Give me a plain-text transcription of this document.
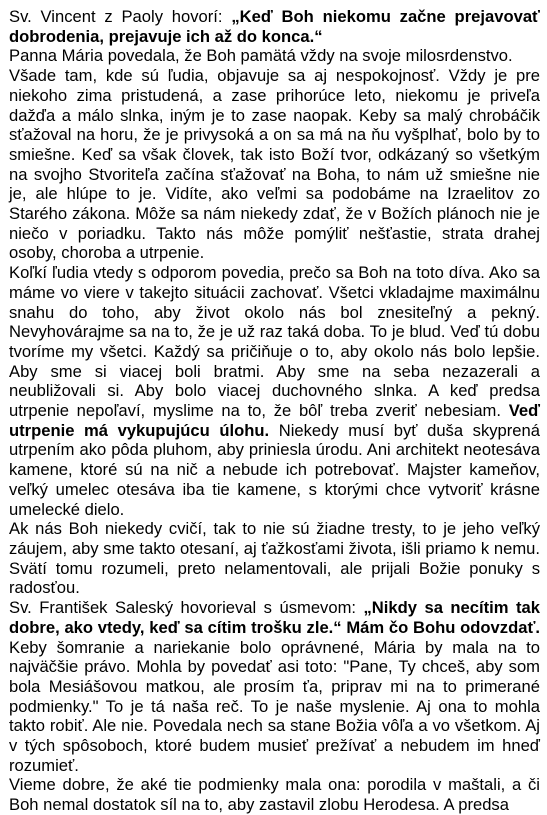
Sv. Vincent z Paoly hovorí: „Keď Boh niekomu začne prejavovať dobrodenia, prejavuje ich až do konca.“

Panna Mária povedala, že Boh pamätá vždy na svoje milosrdenstvo.

Všade tam, kde sú ľudia, objavuje sa aj nespokojnosť. Vždy je pre niekoho zima pristudená, a zase prihorúce leto, niekomu je priveľa dažďa a málo slnka, iným je to zase naopak. Keby sa malý chrobáčik sťažoval na horu, že je privysoká a on sa má na ňu vyšplhať, bolo by to smiešne. Keď sa však človek, tak isto Boží tvor, odkázaný so všetkým na svojho Stvoriteľa začína sťažovať na Boha, to nám už smiešne nie je, ale hlúpe to je. Vidíte, ako veľmi sa podobáme na Izraelitov zo Starého zákona. Môže sa nám niekedy zdať, že v Božích plánoch nie je niečo v poriadku. Takto nás môže pomýliť nešťastie, strata drahej osoby, choroba a utrpenie.

Koľkí ľudia vtedy s odporom povedia, prečo sa Boh na toto díva. Ako sa máme vo viere v takejto situácii zachovať. Všetci vkladajme maximálnu snahu do toho, aby život okolo nás bol znesiteľný a pekný. Nevyhovárajme sa na to, že je už raz taká doba. To je blud. Veď tú dobu tvoríme my všetci. Každý sa pričiňuje o to, aby okolo nás bolo lepšie. Aby sme si viacej boli bratmi. Aby sme na seba nezazerali a neubližovali si. Aby bolo viacej duchovného slnka. A keď predsa utrpenie nepoľaví, myslime na to, že bôľ treba zveriť nebesiam. Veď utrpenie má vykupujúcu úlohu. Niekedy musí byť duša skyprená utrpením ako pôda pluhom, aby priniesla úrodu. Ani architekt neotesáva kamene, ktoré sú na nič a nebude ich potrebovať. Majster kameňov, veľký umelec otesáva iba tie kamene, s ktorými chce vytvoriť krásne umelecké dielo.

Ak nás Boh niekedy cvičí, tak to nie sú žiadne tresty, to je jeho veľký záujem, aby sme takto otesaní, aj ťažkosťami života, išli priamo k nemu. Svätí tomu rozumeli, preto nelamentovali, ale prijali Božie ponuky s radosťou.

Sv. František Saleský hovorieval s úsmevom: „Nikdy sa necítim tak dobre, ako vtedy, keď sa cítim trošku zle.“ Mám čo Bohu odovzdať. Keby šomranie a nariekanie bolo oprávnené, Mária by mala na to najväčšie právo. Mohla by povedať asi toto: "Pane, Ty chceš, aby som bola Mesiášovou matkou, ale prosím ťa, priprav mi na to primerané podmienky." To je tá naša reč. To je naše myslenie. Aj ona to mohla takto robiť. Ale nie. Povedala nech sa stane Božia vôľa a vo všetkom. Aj v tých spôsoboch, ktoré budem musieť prežívať a nebudem im hneď rozumieť.

Vieme dobre, že aké tie podmienky mala ona: porodila v maštali, a či Boh nemal dostatok síl na to, aby zastavil zlobu Herodesa. A predsa
